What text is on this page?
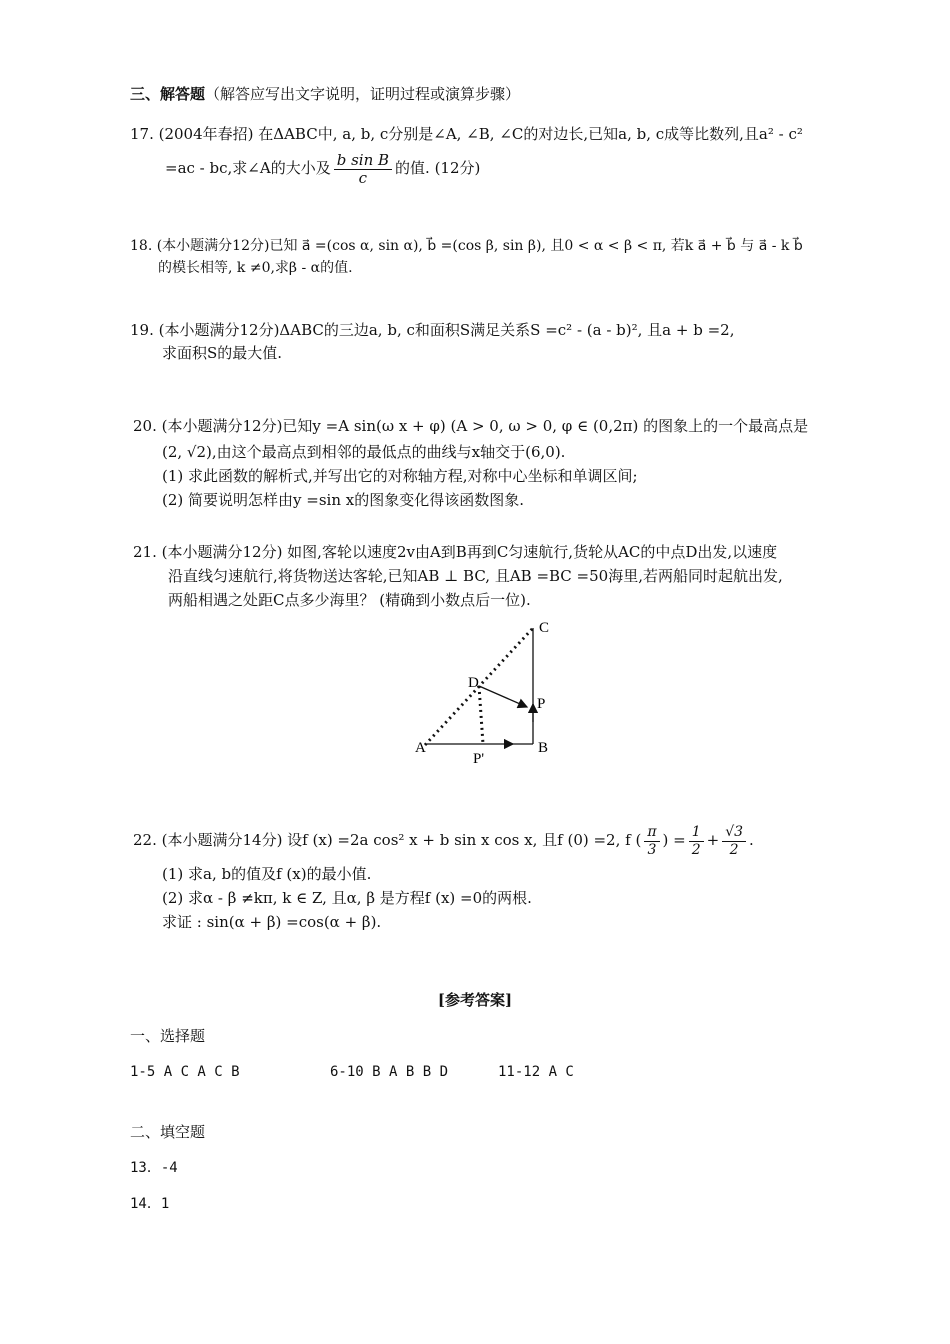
三、解答题（解答应写出文字说明，证明过程或演算步骤）
17. (2004年春招) 在ΔABC中, a, b, c分别是∠A, ∠B, ∠C的对边长,已知a, b, c成等比数列,且a² - c²
=ac - bc,求∠A的大小及 $\frac{\text{b sin B}}{c}$ 的值. (12分)
18. (本小题满分12分)已知 a⃗ =(cos α, sin α), b⃗ =(cos β, sin β), 且0 < α < β < π, 若k a⃗ + b⃗ 与 a⃗ - k b⃗
的模长相等, k ≠0,求β - α的值.
19. (本小题满分12分)ΔABC的三边a, b, c和面积S满足关系S =c² - (a - b)², 且a + b =2,
求面积S的最大值.
20. (本小题满分12分)已知y =A sin(ω x + φ) (A > 0, ω > 0, φ ∈ (0,2π) 的图象上的一个最高点是
(2, √2),由这个最高点到相邻的最低点的曲线与x轴交于(6,0).
(1) 求此函数的解析式,并写出它的对称轴方程,对称中心坐标和单调区间;
(2) 简要说明怎样由y =sin x的图象变化得该函数图象.
21. (本小题满分12分) 如图,客轮以速度2v由A到B再到C匀速航行,货轮从AC的中点D出发,以速度
沿直线匀速航行,将货物送达客轮,已知AB ⊥ BC, 且AB =BC =50海里,若两船同时起航出发,
两船相遇之处距C点多少海里？ (精确到小数点后一位).
C
D
P
A	B
P'
22. (本小题满分14分) 设f (x) =2a cos² x + b sin x cos x, 且f (0) =2, f ( $\frac{\pi}{3}$ ) = $\frac{1}{2} + \frac{√3}{2}$ .
(1) 求a, b的值及f (x)的最小值.
(2) 求α - β ≠kπ, k ∈ Z, 且α, β 是方程f (x) =0的两根.
求证 : sin(α + β) =cos(α + β).
[参考答案]
一、选择题
1-5 A C A C B	6-10 B A B B D	11-12 A C
二、填空题
13．-4
14．1
